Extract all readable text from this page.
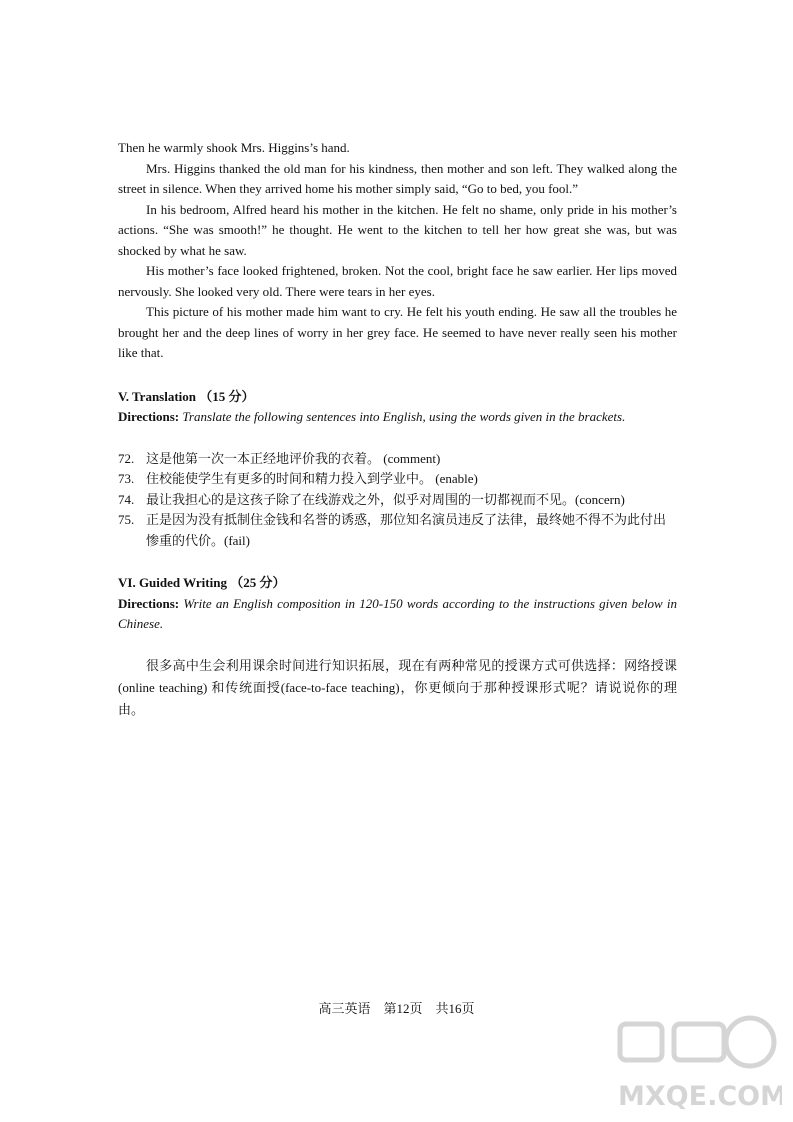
Then he warmly shook Mrs. Higgins’s hand.

Mrs. Higgins thanked the old man for his kindness, then mother and son left. They walked along the street in silence. When they arrived home his mother simply said, “Go to bed, you fool.”

In his bedroom, Alfred heard his mother in the kitchen. He felt no shame, only pride in his mother’s actions. “She was smooth!” he thought. He went to the kitchen to tell her how great she was, but was shocked by what he saw.

His mother’s face looked frightened, broken. Not the cool, bright face he saw earlier. Her lips moved nervously. She looked very old. There were tears in her eyes.

This picture of his mother made him want to cry. He felt his youth ending. He saw all the troubles he brought her and the deep lines of worry in her grey face. He seemed to have never really seen his mother like that.

V. Translation （15 分）

Directions: Translate the following sentences into English, using the words given in the brackets.

72. 这是他第一次一本正经地评价我的衣着。 (comment)
73. 住校能使学生有更多的时间和精力投入到学业中。 (enable)
74. 最让我担心的是这孩子除了在线游戏之外，似乎对周围的一切都视而不见。(concern)
75. 正是因为没有抵制住金钱和名誉的诱惑，那位知名演员违反了法律，最终她不得不为此付出惨重的代价。(fail)

VI. Guided Writing （25 分）

Directions: Write an English composition in 120-150 words according to the instructions given below in Chinese.

很多高中生会利用课余时间进行知识拓展，现在有两种常见的授课方式可供选择：网络授课(online teaching) 和传统面授(face-to-face teaching)，你更倾向于那种授课形式呢？请说说你的理由。

高三英语　第12页　共16页
MXQE.COM
